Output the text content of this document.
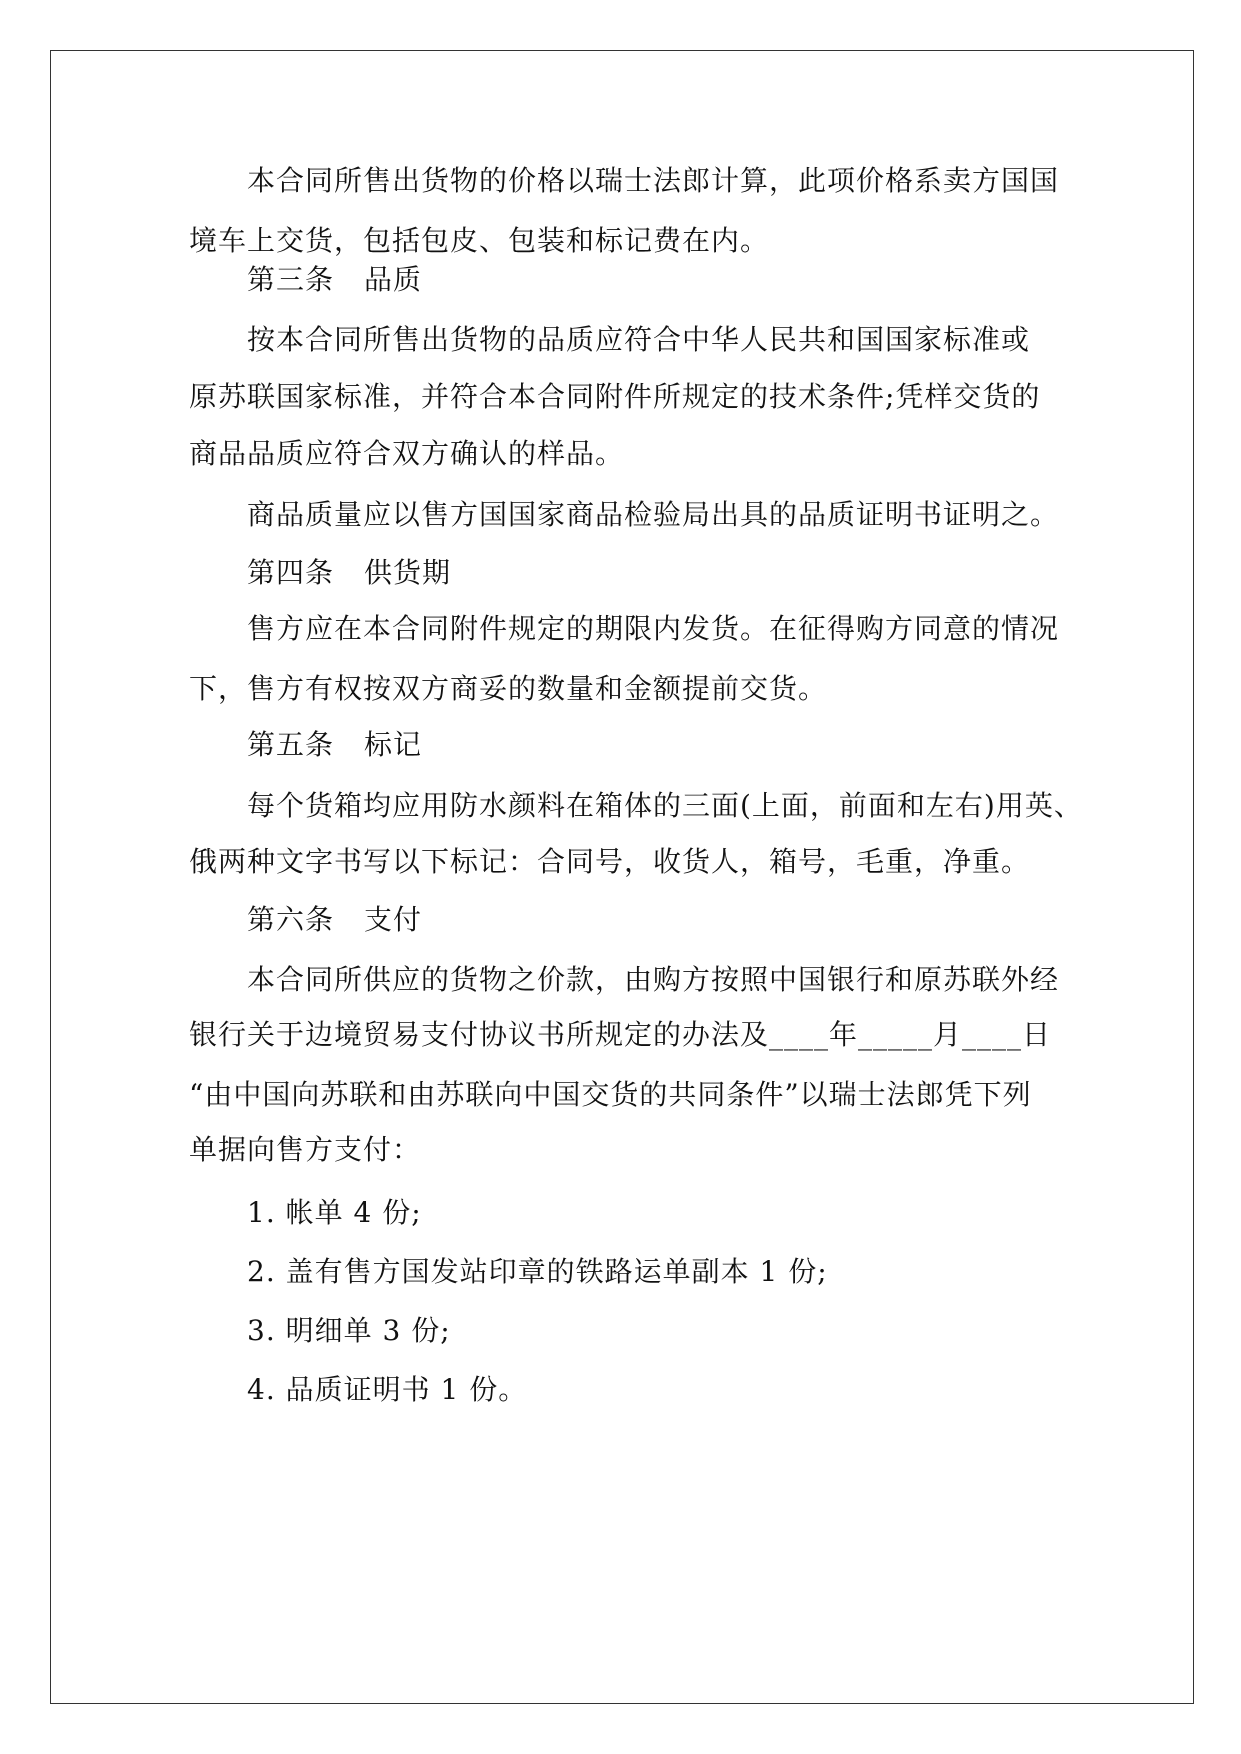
本合同所售出货物的价格以瑞士法郎计算，此项价格系卖方国国
境车上交货，包括包皮、包装和标记费在内。
第三条 品质
按本合同所售出货物的品质应符合中华人民共和国国家标准或
原苏联国家标准，并符合本合同附件所规定的技术条件;凭样交货的
商品品质应符合双方确认的样品。
商品质量应以售方国国家商品检验局出具的品质证明书证明之。
第四条 供货期
售方应在本合同附件规定的期限内发货。在征得购方同意的情况
下，售方有权按双方商妥的数量和金额提前交货。
第五条 标记
每个货箱均应用防水颜料在箱体的三面(上面，前面和左右)用英、
俄两种文字书写以下标记：合同号，收货人，箱号，毛重，净重。
第六条 支付
本合同所供应的货物之价款，由购方按照中国银行和原苏联外经
银行关于边境贸易支付协议书所规定的办法及____年_____月____日
“由中国向苏联和由苏联向中国交货的共同条件”以瑞士法郎凭下列
单据向售方支付：
1. 帐单 4 份;
2. 盖有售方国发站印章的铁路运单副本 1 份;
3. 明细单 3 份;
4. 品质证明书 1 份。
